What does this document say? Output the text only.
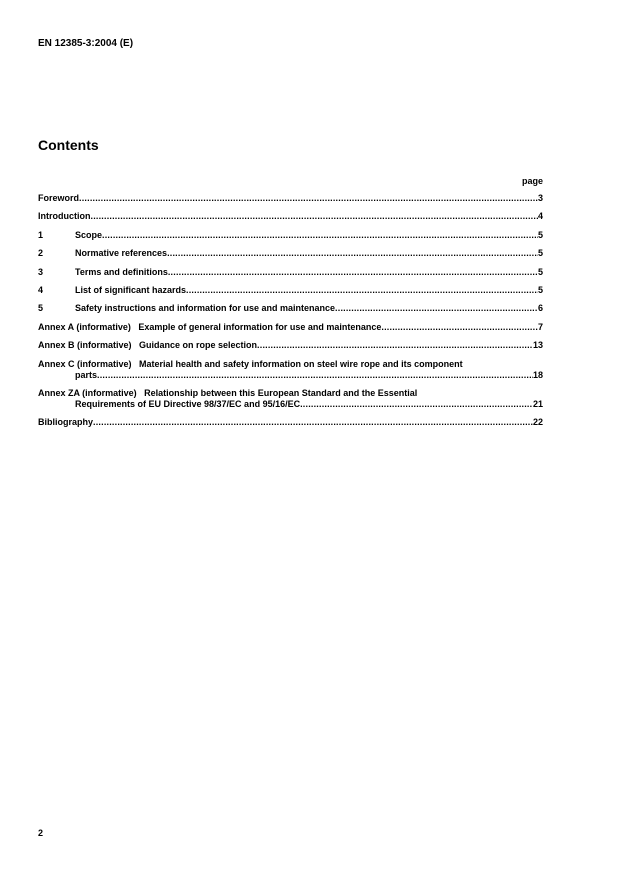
EN 12385-3:2004 (E)
Contents
page
Foreword .....	3
Introduction .....	4
1	Scope .....	5
2	Normative references .....	5
3	Terms and definitions .....	5
4	List of significant hazards .....	5
5	Safety instructions and information for use and maintenance .....	6
Annex A (informative)   Example of general information for use and maintenance .....	7
Annex B (informative)   Guidance on rope selection .....	13
Annex C (informative)   Material health and safety information on steel wire rope and its component
parts .....	18
Annex ZA (informative)   Relationship between this European Standard and the Essential
Requirements of EU Directive 98/37/EC and 95/16/EC .....	21
Bibliography .....	22
2
